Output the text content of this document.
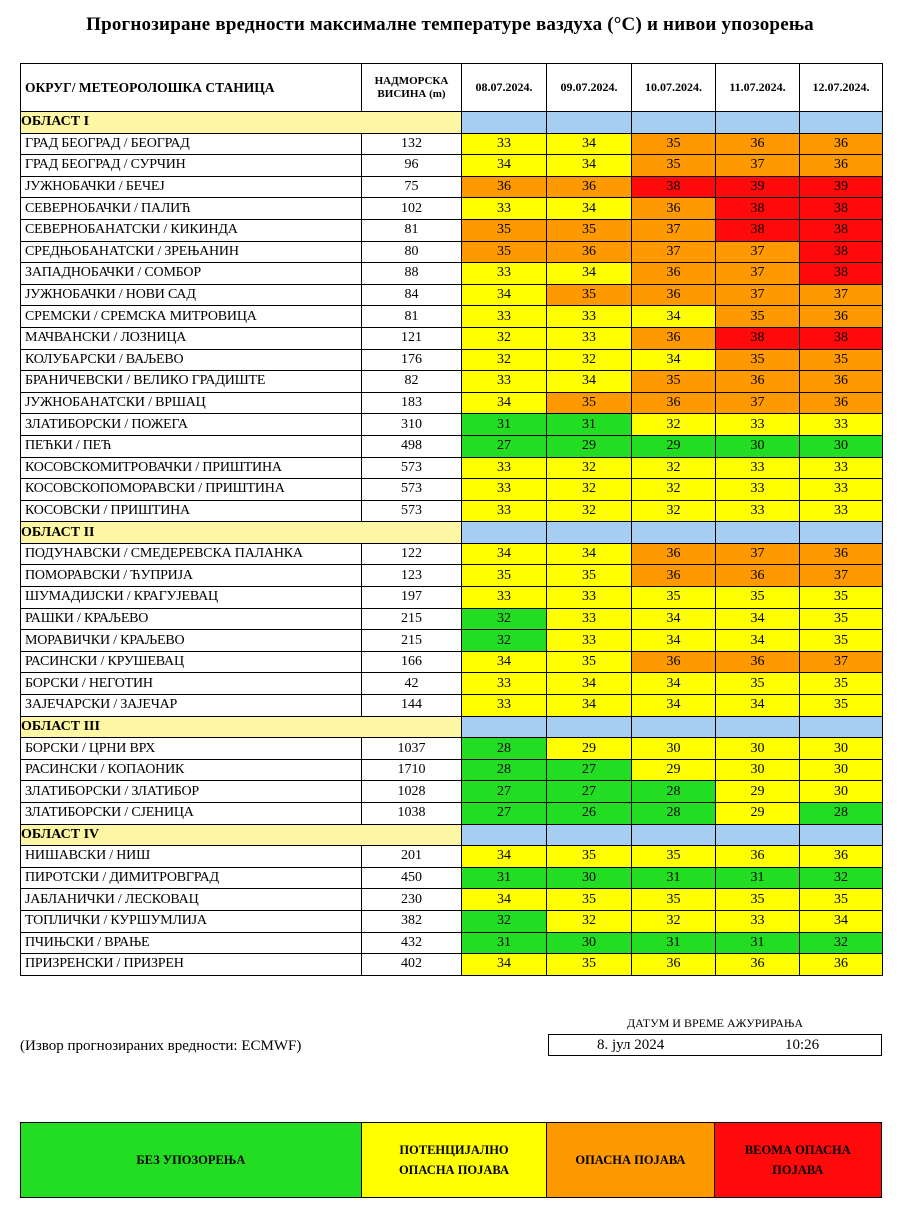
Прогнозиране вредности максималне температуре ваздуха (°C) и нивои упозорења
ОКРУГ/ МЕТЕОРОЛОШКА СТАНИЦА	НАДМОРСКА
ВИСИНА (m)	08.07.2024.	09.07.2024.	10.07.2024.	11.07.2024.	12.07.2024.
ОБЛАСТ I						
ГРАД БЕОГРАД / БЕОГРАД	132	33	34	35	36	36
ГРАД БЕОГРАД / СУРЧИН	96	34	34	35	37	36
ЈУЖНОБАЧКИ / БЕЧЕЈ	75	36	36	38	39	39
СЕВЕРНОБАЧКИ / ПАЛИЋ	102	33	34	36	38	38
СЕВЕРНОБАНАТСКИ / КИКИНДА	81	35	35	37	38	38
СРЕДЊОБАНАТСКИ / ЗРЕЊАНИН	80	35	36	37	37	38
ЗАПАДНОБАЧКИ / СОМБОР	88	33	34	36	37	38
ЈУЖНОБАЧКИ / НОВИ САД	84	34	35	36	37	37
СРЕМСКИ / СРЕМСКА МИТРОВИЦА	81	33	33	34	35	36
МАЧВАНСКИ / ЛОЗНИЦА	121	32	33	36	38	38
КОЛУБАРСКИ / ВАЉЕВО	176	32	32	34	35	35
БРАНИЧЕВСКИ / ВЕЛИКО ГРАДИШТЕ	82	33	34	35	36	36
ЈУЖНОБАНАТСКИ / ВРШАЦ	183	34	35	36	37	36
ЗЛАТИБОРСКИ / ПОЖЕГА	310	31	31	32	33	33
ПЕЋКИ / ПЕЋ	498	27	29	29	30	30
КОСОВСКОМИТРОВАЧКИ / ПРИШТИНА	573	33	32	32	33	33
КОСОВСКОПОМОРАВСКИ / ПРИШТИНА	573	33	32	32	33	33
КОСОВСКИ / ПРИШТИНА	573	33	32	32	33	33
ОБЛАСТ II						
ПОДУНАВСКИ / СМЕДЕРЕВСКА ПАЛАНКА	122	34	34	36	37	36
ПОМОРАВСКИ / ЋУПРИЈА	123	35	35	36	36	37
ШУМАДИЈСКИ / КРАГУЈЕВАЦ	197	33	33	35	35	35
РАШКИ / КРАЉЕВО	215	32	33	34	34	35
МОРАВИЧКИ / КРАЉЕВО	215	32	33	34	34	35
РАСИНСКИ / КРУШЕВАЦ	166	34	35	36	36	37
БОРСКИ / НЕГОТИН	42	33	34	34	35	35
ЗАЈЕЧАРСКИ / ЗАЈЕЧАР	144	33	34	34	34	35
ОБЛАСТ III						
БОРСКИ / ЦРНИ ВРХ	1037	28	29	30	30	30
РАСИНСКИ / КОПАОНИК	1710	28	27	29	30	30
ЗЛАТИБОРСКИ / ЗЛАТИБОР	1028	27	27	28	29	30
ЗЛАТИБОРСКИ / СЈЕНИЦА	1038	27	26	28	29	28
ОБЛАСТ IV						
НИШАВСКИ / НИШ	201	34	35	35	36	36
ПИРОТСКИ / ДИМИТРОВГРАД	450	31	30	31	31	32
ЈАБЛАНИЧКИ / ЛЕСКОВАЦ	230	34	35	35	35	35
ТОПЛИЧКИ / КУРШУМЛИЈА	382	32	32	32	33	34
ПЧИЊСКИ / ВРАЊЕ	432	31	30	31	31	32
ПРИЗРЕНСКИ / ПРИЗРЕН	402	34	35	36	36	36
(Извор прогнозираних вредности: ECMWF)
ДАТУМ И ВРЕМЕ АЖУРИРАЊА
8. јул 2024	10:26
БЕЗ УПОЗОРЕЊА
ПОТЕНЦИЈАЛНО
ОПАСНА ПОЈАВА
ОПАСНА ПОЈАВА
ВЕОМА ОПАСНА
ПОЈАВА
